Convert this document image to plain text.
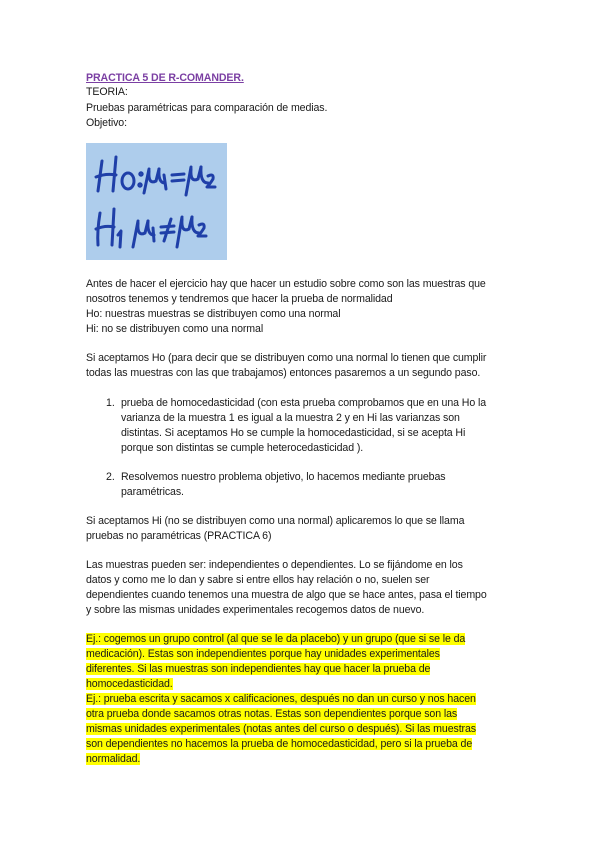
PRACTICA 5 DE R-COMANDER.
TEORIA:
Pruebas paramétricas para comparación de medias.
Objetivo:
Antes de hacer el ejercicio hay que hacer un estudio sobre como son las muestras que
nosotros tenemos y tendremos que hacer la prueba de normalidad
Ho: nuestras muestras se distribuyen como una normal
Hi: no se distribuyen como una normal
Si aceptamos Ho (para decir que se distribuyen como una normal lo tienen que cumplir
todas las muestras con las que trabajamos) entonces pasaremos a un segundo paso.
1. prueba de homocedasticidad (con esta prueba comprobamos que en una Ho la
varianza de la muestra 1 es igual a la muestra 2 y en Hi las varianzas son
distintas. Si aceptamos Ho se cumple la homocedasticidad, si se acepta Hi
porque son distintas se cumple heterocedasticidad ).
2. Resolvemos nuestro problema objetivo, lo hacemos mediante pruebas
paramétricas.
Si aceptamos Hi (no se distribuyen como una normal) aplicaremos lo que se llama
pruebas no paramétricas (PRACTICA 6)
Las muestras pueden ser: independientes o dependientes. Lo se fijándome en los
datos y como me lo dan y sabre si entre ellos hay relación o no, suelen ser
dependientes cuando tenemos una muestra de algo que se hace antes, pasa el tiempo
y sobre las mismas unidades experimentales recogemos datos de nuevo.
Ej.: cogemos un grupo control (al que se le da placebo) y un grupo (que si se le da
medicación). Estas son independientes porque hay unidades experimentales
diferentes. Si las muestras son independientes hay que hacer la prueba de
homocedasticidad.
Ej.: prueba escrita y sacamos x calificaciones, después no dan un curso y nos hacen
otra prueba donde sacamos otras notas. Estas son dependientes porque son las
mismas unidades experimentales (notas antes del curso o después). Si las muestras
son dependientes no hacemos la prueba de homocedasticidad, pero si la prueba de
normalidad.
